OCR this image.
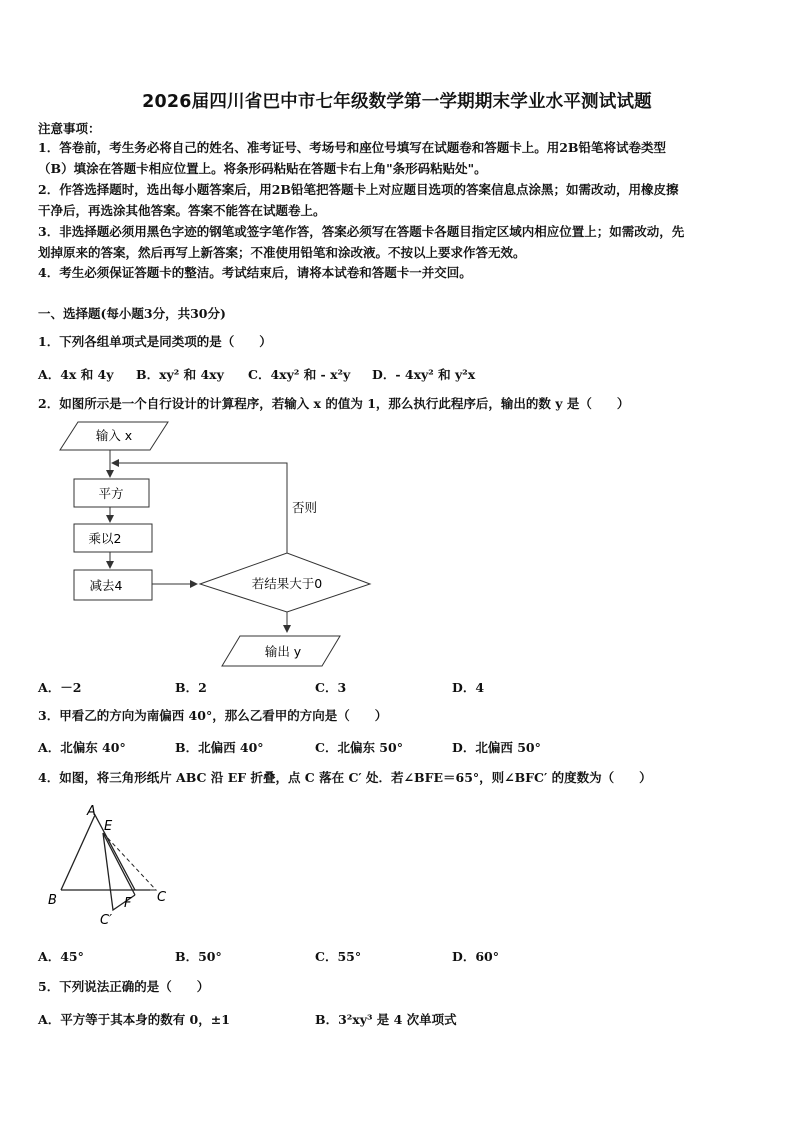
2026届四川省巴中市七年级数学第一学期期末学业水平测试试题
注意事项：
1．答卷前，考生务必将自己的姓名、准考证号、考场号和座位号填写在试题卷和答题卡上。用2B铅笔将试卷类型
（B）填涂在答题卡相应位置上。将条形码粘贴在答题卡右上角"条形码粘贴处"。
2．作答选择题时，选出每小题答案后，用2B铅笔把答题卡上对应题目选项的答案信息点涂黑；如需改动，用橡皮擦
干净后，再选涂其他答案。答案不能答在试题卷上。
3．非选择题必须用黑色字迹的钢笔或签字笔作答，答案必须写在答题卡各题目指定区域内相应位置上；如需改动，先
划掉原来的答案，然后再写上新答案；不准使用铅笔和涂改液。不按以上要求作答无效。
4．考生必须保证答题卡的整洁。考试结束后，请将本试卷和答题卡一并交回。
一、选择题(每小题3分，共30分)
1．下列各组单项式是同类项的是（　　）
A．4x 和 4y B．xy² 和 4xy C．4xy² 和 - x²y D．- 4xy² 和 y²x
2．如图所示是一个自行设计的计算程序，若输入 x 的值为 1，那么执行此程序后，输出的数 y 是（　　）
输入 x
平方
乘以2
减去4	若结果大于0
否则
输出 y
A
E
B	C
F
C′
A．－2	B．2	C．3	D．4
3．甲看乙的方向为南偏西 40°，那么乙看甲的方向是（　　）
A．北偏东 40°	B．北偏西 40°	C．北偏东 50°	D．北偏西 50°
4．如图，将三角形纸片 ABC 沿 EF 折叠，点 C 落在 C′ 处．若∠BFE＝65°，则∠BFC′ 的度数为（　　）
A．45°	B．50°	C．55°	D．60°
5．下列说法正确的是（　　）
A．平方等于其本身的数有 0，±1	B．3²xy³ 是 4 次单项式
